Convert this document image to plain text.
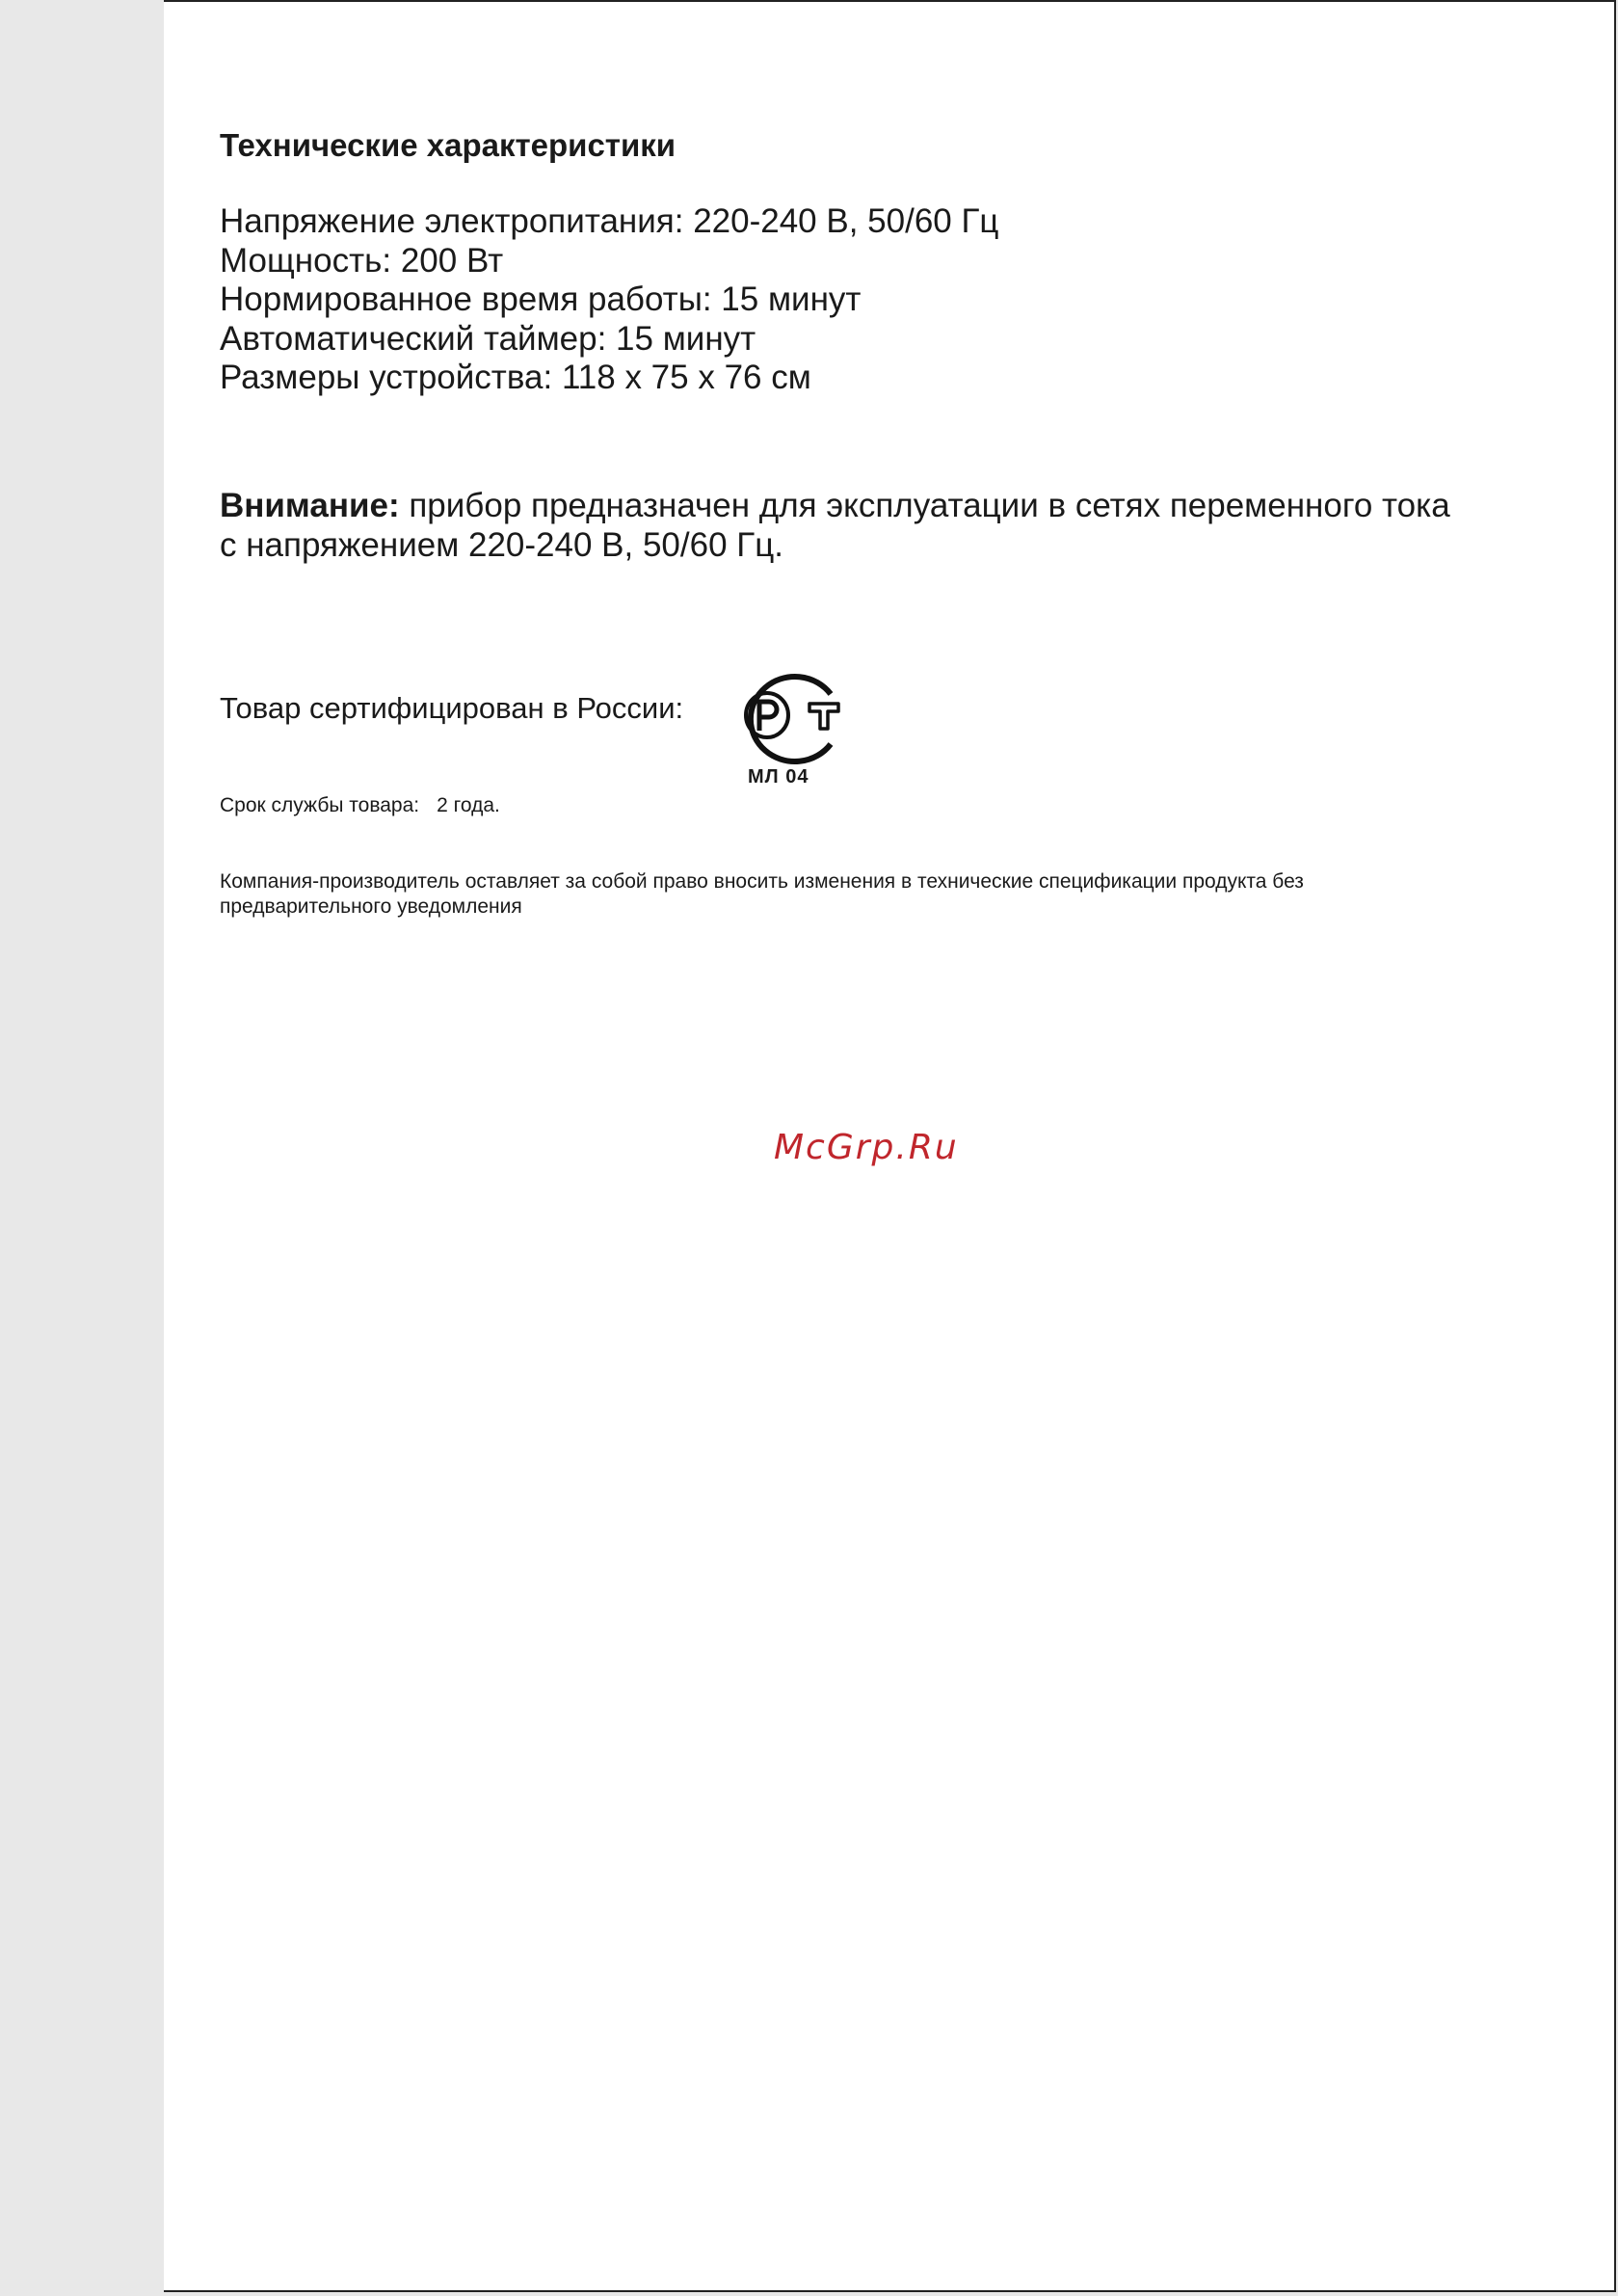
Технические характеристики
Напряжение электропитания: 220-240 В, 50/60 Гц
Мощность: 200 Вт
Нормированное время работы: 15 минут
Автоматический таймер: 15 минут
Размеры устройства: 118 х 75 х 76 см

Внимание: прибор предназначен для эксплуатации в сетях переменного тока с напряжением 220-240 В, 50/60 Гц.

Товар сертифицирован в России:
МЛ 04
Срок службы товара: 2 года.

Компания-производитель оставляет за собой право вносить изменения в технические спецификации продукта без предварительного уведомления

McGrp.Ru
